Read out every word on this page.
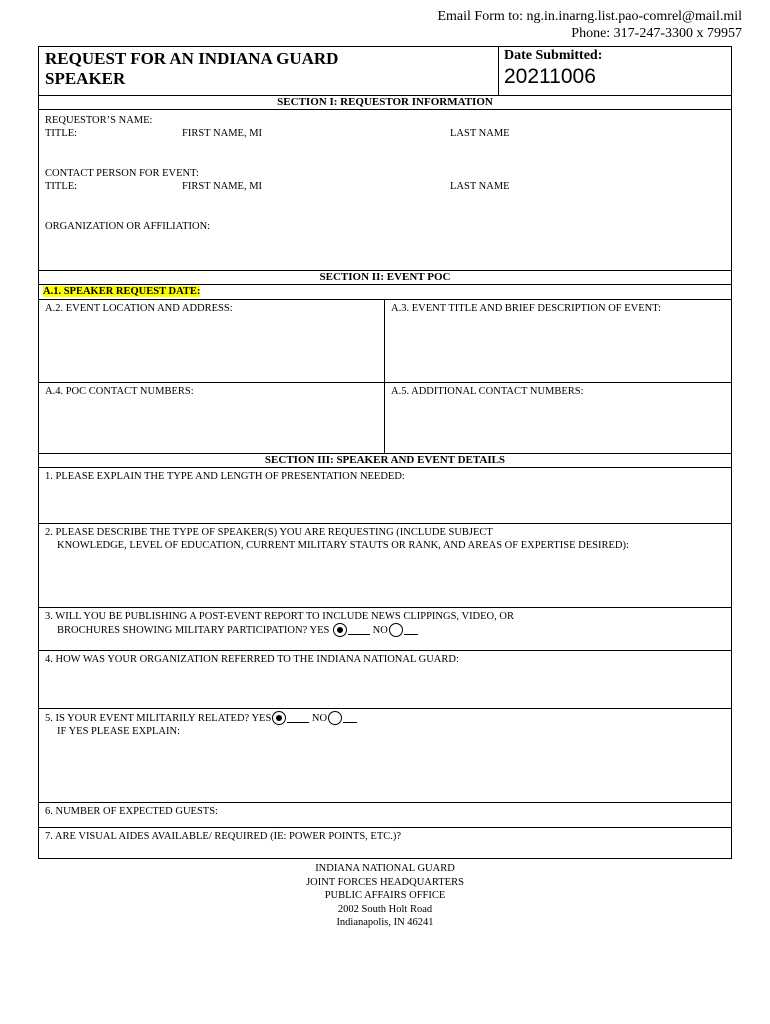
Email Form to: ng.in.inarng.list.pao-comrel@mail.mil
Phone: 317-247-3300 x 79957
REQUEST FOR AN INDIANA GUARD
SPEAKER
Date Submitted:
20211006
SECTION I: REQUESTOR INFORMATION
REQUESTOR’S NAME:
TITLE:	FIRST NAME, MI	LAST NAME
CONTACT PERSON FOR EVENT:
TITLE:	FIRST NAME, MI	LAST NAME
ORGANIZATION OR AFFILIATION:
SECTION II: EVENT POC
A.1. SPEAKER REQUEST DATE:
A.2. EVENT LOCATION AND ADDRESS:	A.3. EVENT TITLE AND BRIEF DESCRIPTION OF EVENT:
A.4. POC CONTACT NUMBERS:	A.5. ADDITIONAL CONTACT NUMBERS:
SECTION III: SPEAKER AND EVENT DETAILS
1. PLEASE EXPLAIN THE TYPE AND LENGTH OF PRESENTATION NEEDED:
2. PLEASE DESCRIBE THE TYPE OF SPEAKER(S) YOU ARE REQUESTING (INCLUDE SUBJECT
KNOWLEDGE, LEVEL OF EDUCATION, CURRENT MILITARY STAUTS OR RANK, AND AREAS OF EXPERTISE DESIRED):
3. WILL YOU BE PUBLISHING A POST-EVENT REPORT TO INCLUDE NEWS CLIPPINGS, VIDEO, OR
BROCHURES SHOWING MILITARY PARTICIPATION? YES	NO
4. HOW WAS YOUR ORGANIZATION REFERRED TO THE INDIANA NATIONAL GUARD:
5. IS YOUR EVENT MILITARILY RELATED? YES	NO
IF YES PLEASE EXPLAIN:
6. NUMBER OF EXPECTED GUESTS:
7. ARE VISUAL AIDES AVAILABLE/ REQUIRED (IE: POWER POINTS, ETC.)?
INDIANA NATIONAL GUARD
JOINT FORCES HEADQUARTERS
PUBLIC AFFAIRS OFFICE
2002 South Holt Road
Indianapolis, IN 46241
